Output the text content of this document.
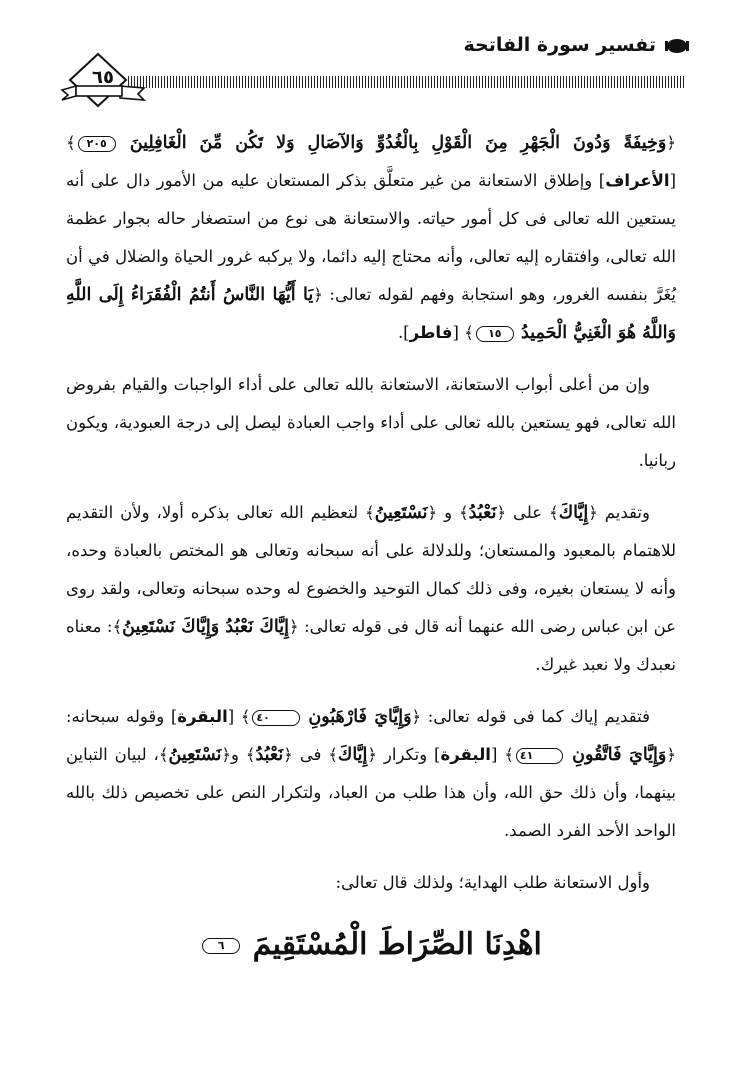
تفسير سورة الفاتحة
٦٥

﴿وَخِيفَةً وَدُونَ الْجَهْرِ مِنَ الْقَوْلِ بِالْغُدُوِّ وَالآصَالِ وَلا تَكُن مِّنَ الْغَافِلِينَ ٢٠٥﴾ [الأعراف] وإطلاق الاستعانة من غير متعلَّق بذكر المستعان عليه من الأمور دال على أنه يستعين الله تعالى فى كل أمور حياته. والاستعانة هى نوع من استصغار حاله بجوار عظمة الله تعالى، وافتقاره إليه تعالى، وأنه محتاج إليه دائما، ولا يركبه غرور الحياة والضلال في أن يُغَرَّ بنفسه الغرور، وهو استجابة وفهم لقوله تعالى: ﴿يَا أَيُّهَا النَّاسُ أَنتُمُ الْفُقَرَاءُ إِلَى اللَّهِ وَاللَّهُ هُوَ الْغَنِيُّ الْحَمِيدُ ١٥﴾ [فاطر].

وإن من أعلى أبواب الاستعانة، الاستعانة بالله تعالى على أداء الواجبات والقيام بفروض الله تعالى، فهو يستعين بالله تعالى على أداء واجب العبادة ليصل إلى درجة العبودية، ويكون ربانيا.

وتقديم ﴿إِيَّاكَ﴾ على ﴿نَعْبُدُ﴾ و ﴿نَسْتَعِينُ﴾ لتعظيم الله تعالى بذكره أولا، ولأن التقديم للاهتمام بالمعبود والمستعان؛ وللدلالة على أنه سبحانه وتعالى هو المختص بالعبادة وحده، وأنه لا يستعان بغيره، وفى ذلك كمال التوحيد والخضوع له وحده سبحانه وتعالى، ولقد روى عن ابن عباس رضى الله عنهما أنه قال فى قوله تعالى: ﴿إِيَّاكَ نَعْبُدُ وَإِيَّاكَ نَسْتَعِينُ﴾: معناه نعبدك ولا نعبد غيرك.

فتقديم إياك كما فى قوله تعالى: ﴿وَإِيَّايَ فَارْهَبُونِ ٤٠﴾ [البقرة] وقوله سبحانه: ﴿وَإِيَّايَ فَاتَّقُونِ ٤١﴾ [البقرة] وتكرار ﴿إِيَّاكَ﴾ فى ﴿نَعْبُدُ﴾ و﴿نَسْتَعِينُ﴾، لبيان التباين بينهما، وأن ذلك حق الله، وأن هذا طلب من العباد، ولتكرار النص على تخصيص ذلك بالله الواحد الأحد الفرد الصمد.

وأول الاستعانة طلب الهداية؛ ولذلك قال تعالى:

اهْدِنَا الصِّرَاطَ الْمُسْتَقِيمَ ٦
